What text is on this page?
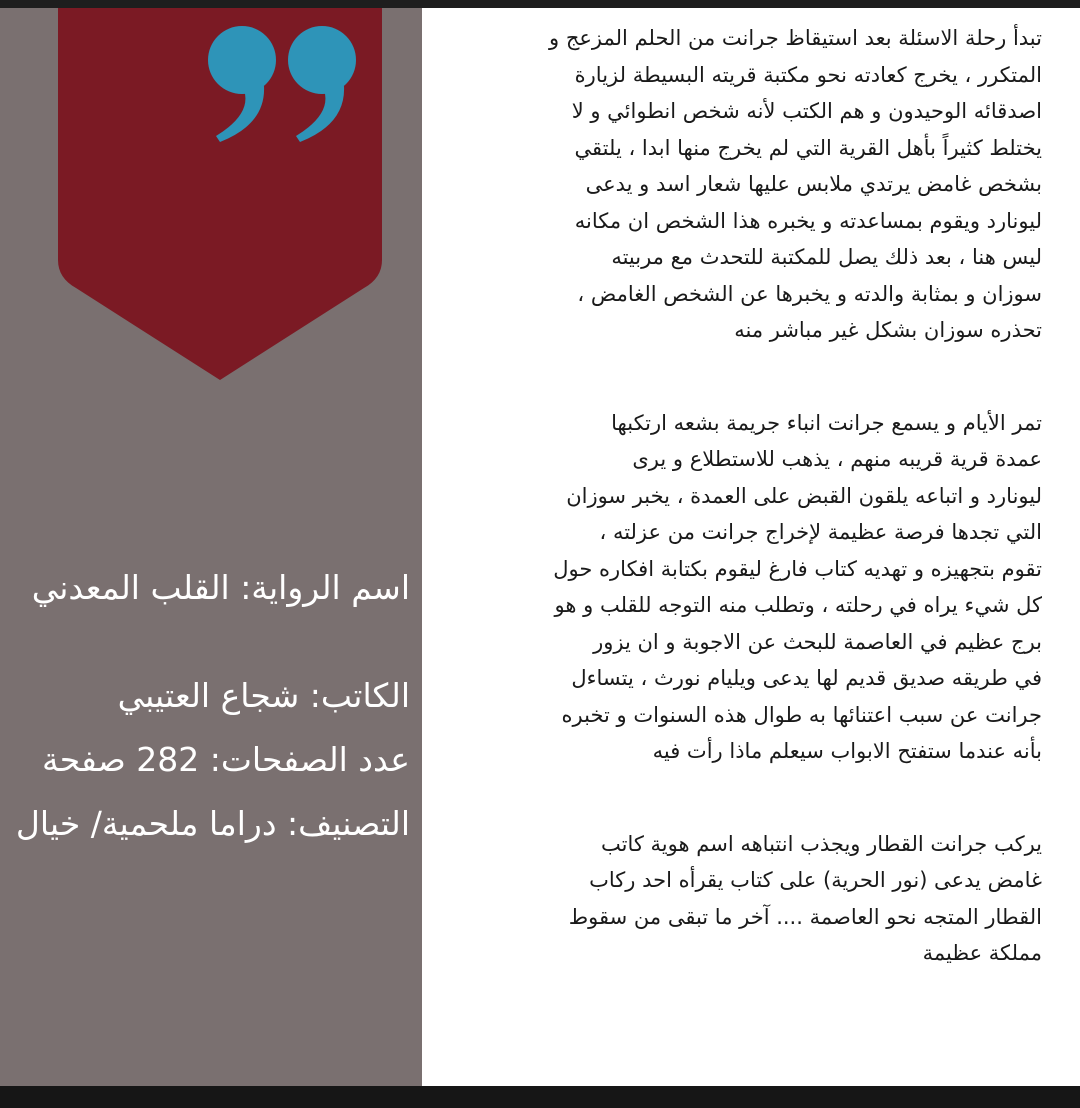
اسم الرواية: القلب المعدني
الكاتب: شجاع العتيبي
عدد الصفحات: 282 صفحة
التصنيف: دراما ملحمية/ خيال
تبدأ رحلة الاسئلة بعد استيقاظ جرانت من الحلم المزعج و
المتكرر ، يخرج كعادته نحو مكتبة قريته البسيطة لزيارة
اصدقائه الوحيدون و هم الكتب لأنه شخص انطوائي و لا
يختلط كثيراً بأهل القرية التي لم يخرج منها ابدا ، يلتقي
بشخص غامض يرتدي ملابس عليها شعار اسد و يدعى
ليونارد ويقوم بمساعدته و يخبره هذا الشخص ان مكانه
ليس هنا ، بعد ذلك يصل للمكتبة للتحدث مع مربيته
سوزان و بمثابة والدته و يخبرها عن الشخص الغامض ،
تحذره سوزان بشكل غير مباشر منه
تمر الأيام و يسمع جرانت انباء جريمة بشعه ارتكبها
عمدة قرية قريبه منهم ، يذهب للاستطلاع و يرى
ليونارد و اتباعه يلقون القبض على العمدة ، يخبر سوزان
التي تجدها فرصة عظيمة لإخراج جرانت من عزلته ،
تقوم بتجهيزه و تهديه كتاب فارغ ليقوم بكتابة افكاره حول
كل شيء يراه في رحلته ، وتطلب منه التوجه للقلب و هو
برج عظيم في العاصمة للبحث عن الاجوبة و ان يزور
في طريقه صديق قديم لها يدعى ويليام نورث ، يتساءل
جرانت عن سبب اعتنائها به طوال هذه السنوات و تخبره
بأنه عندما ستفتح الابواب سيعلم ماذا رأت فيه
يركب جرانت القطار ويجذب انتباهه اسم هوية كاتب
غامض يدعى (نور الحرية) على كتاب يقرأه احد ركاب
القطار المتجه نحو العاصمة .... آخر ما تبقى من سقوط
مملكة عظيمة
